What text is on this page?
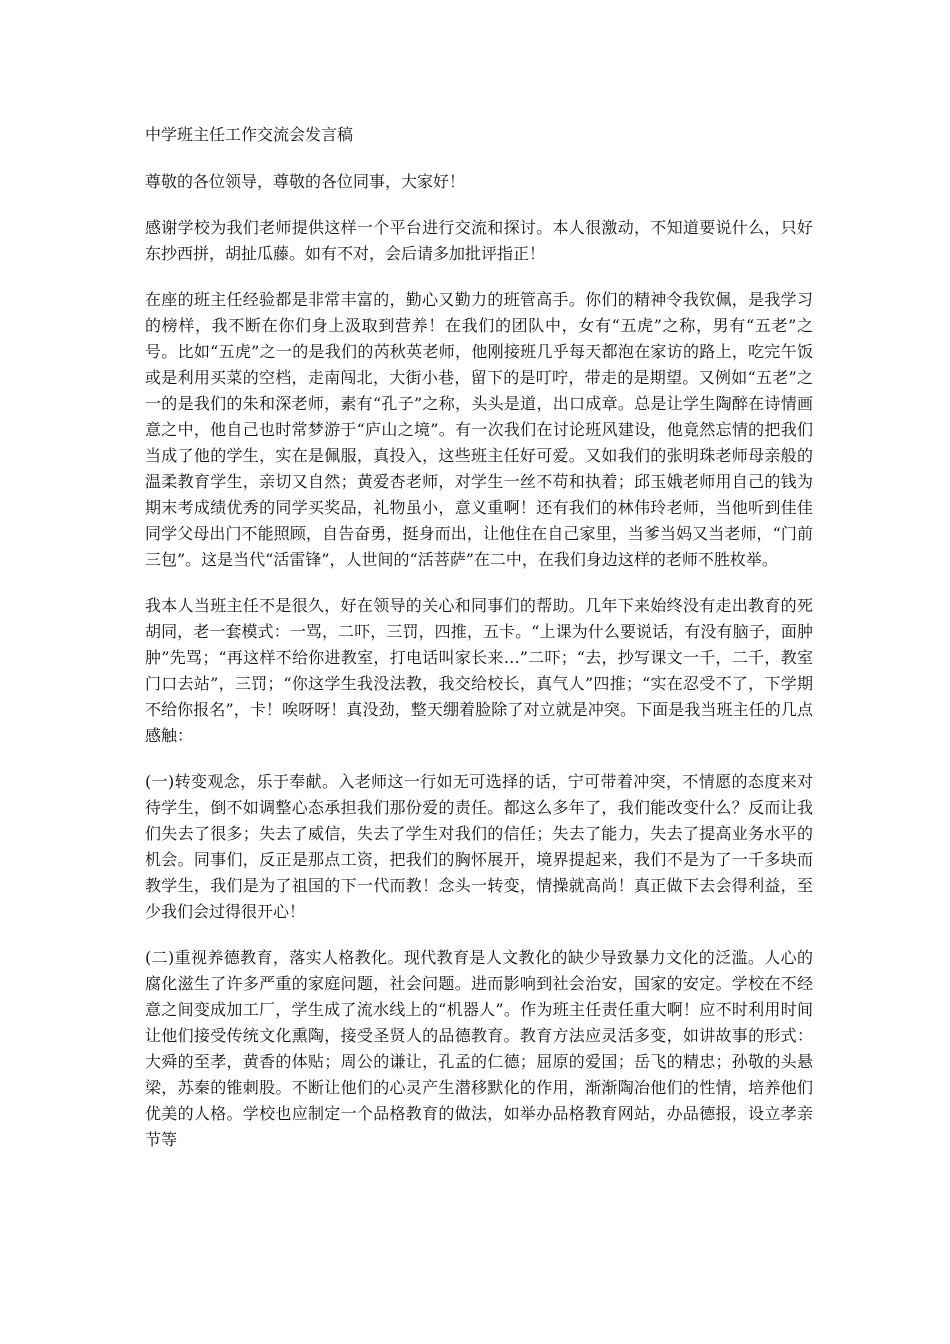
中学班主任工作交流会发言稿

尊敬的各位领导，尊敬的各位同事，大家好！

感谢学校为我们老师提供这样一个平台进行交流和探讨。本人很激动，不知道要说什么，只好东抄西拼，胡扯瓜藤。如有不对，会后请多加批评指正！

在座的班主任经验都是非常丰富的，勤心又勤力的班管高手。你们的精神令我钦佩，是我学习的榜样，我不断在你们身上汲取到营养！在我们的团队中，女有“五虎”之称，男有“五老”之号。比如“五虎”之一的是我们的芮秋英老师，他刚接班几乎每天都泡在家访的路上，吃完午饭或是利用买菜的空档，走南闯北，大街小巷，留下的是叮咛，带走的是期望。又例如“五老”之一的是我们的朱和深老师，素有“孔子”之称，头头是道，出口成章。总是让学生陶醉在诗情画意之中，他自己也时常梦游于“庐山之境”。有一次我们在讨论班风建设，他竟然忘情的把我们当成了他的学生，实在是佩服，真投入，这些班主任好可爱。又如我们的张明珠老师母亲般的温柔教育学生，亲切又自然；黄爱杏老师，对学生一丝不苟和执着；邱玉娥老师用自己的钱为期末考成绩优秀的同学买奖品，礼物虽小，意义重啊！还有我们的林伟玲老师，当他听到佳佳同学父母出门不能照顾，自告奋勇，挺身而出，让他住在自己家里，当爹当妈又当老师，“门前三包”。这是当代“活雷锋”，人世间的“活菩萨”在二中，在我们身边这样的老师不胜枚举。

我本人当班主任不是很久，好在领导的关心和同事们的帮助。几年下来始终没有走出教育的死胡同，老一套模式：一骂，二吓，三罚，四推，五卡。“上课为什么要说话，有没有脑子，面肿肿”先骂；“再这样不给你进教室，打电话叫家长来…”二吓；“去，抄写课文一千，二千，教室门口去站”，三罚；“你这学生我没法教，我交给校长，真气人”四推；“实在忍受不了，下学期不给你报名”，卡！唉呀呀！真没劲，整天绷着脸除了对立就是冲突。下面是我当班主任的几点感触：

(一)转变观念，乐于奉献。入老师这一行如无可选择的话，宁可带着冲突，不情愿的态度来对待学生，倒不如调整心态承担我们那份爱的责任。都这么多年了，我们能改变什么？反而让我们失去了很多；失去了威信，失去了学生对我们的信任；失去了能力，失去了提高业务水平的机会。同事们，反正是那点工资，把我们的胸怀展开，境界提起来，我们不是为了一千多块而教学生，我们是为了祖国的下一代而教！念头一转变，情操就高尚！真正做下去会得利益，至少我们会过得很开心！

(二)重视养德教育，落实人格教化。现代教育是人文教化的缺少导致暴力文化的泛滥。人心的腐化滋生了许多严重的家庭问题，社会问题。进而影响到社会治安，国家的安定。学校在不经意之间变成加工厂，学生成了流水线上的“机器人”。作为班主任责任重大啊！应不时利用时间让他们接受传统文化熏陶，接受圣贤人的品德教育。教育方法应灵活多变，如讲故事的形式：大舜的至孝，黄香的体贴；周公的谦让，孔孟的仁德；屈原的爱国；岳飞的精忠；孙敬的头悬梁，苏秦的锥刺股。不断让他们的心灵产生潜移默化的作用，渐渐陶冶他们的性情，培养他们优美的人格。学校也应制定一个品格教育的做法，如举办品格教育网站，办品德报，设立孝亲节等
